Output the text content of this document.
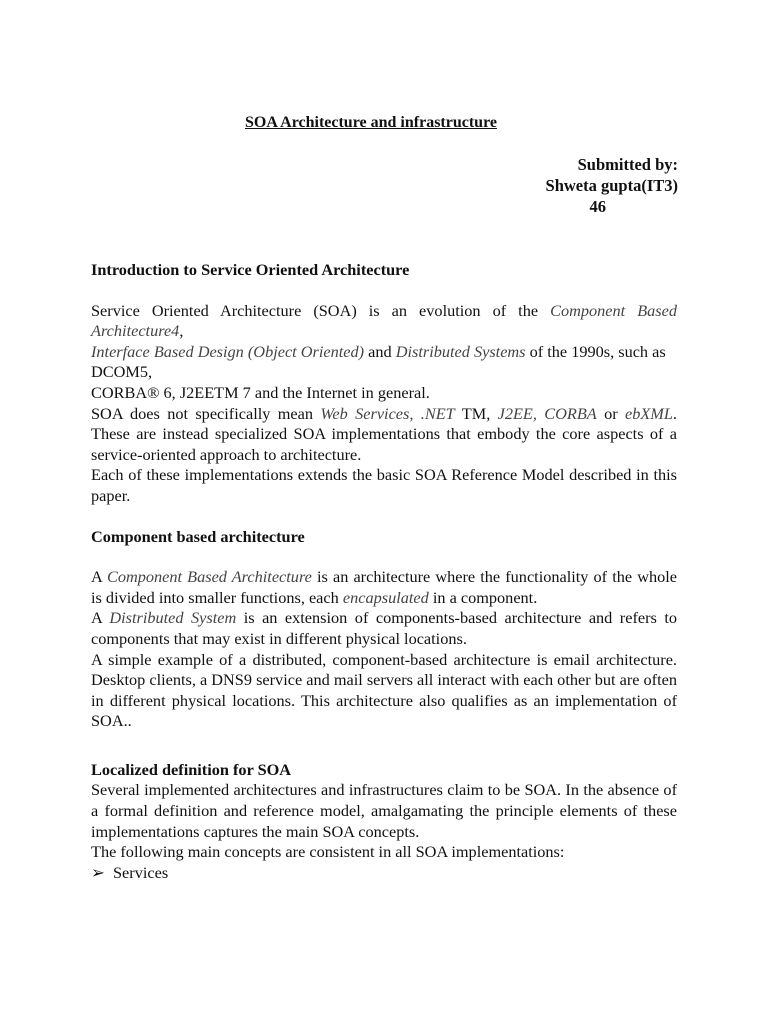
SOA Architecture and infrastructure
Submitted by:
Shweta gupta(IT3)
46
Introduction to Service Oriented Architecture

Service Oriented Architecture (SOA) is an evolution of the Component Based Architecture4,

Interface Based Design (Object Oriented) and Distributed Systems of the 1990s, such as DCOM5,

CORBA® 6, J2EETM 7 and the Internet in general.

SOA does not specifically mean Web Services, .NET TM, J2EE, CORBA or ebXML. These are instead specialized SOA implementations that embody the core aspects of a service-oriented approach to architecture.

Each of these implementations extends the basic SOA Reference Model described in this paper.

Component based architecture

A Component Based Architecture is an architecture where the functionality of the whole is divided into smaller functions, each encapsulated in a component.

A Distributed System is an extension of components-based architecture and refers to components that may exist in different physical locations.

A simple example of a distributed, component-based architecture is email architecture. Desktop clients, a DNS9 service and mail servers all interact with each other but are often in different physical locations. This architecture also qualifies as an implementation of SOA..

Localized definition for SOA

Several implemented architectures and infrastructures claim to be SOA. In the absence of a formal definition and reference model, amalgamating the principle elements of these implementations captures the main SOA concepts.

The following main concepts are consistent in all SOA implementations:

➢ Services
